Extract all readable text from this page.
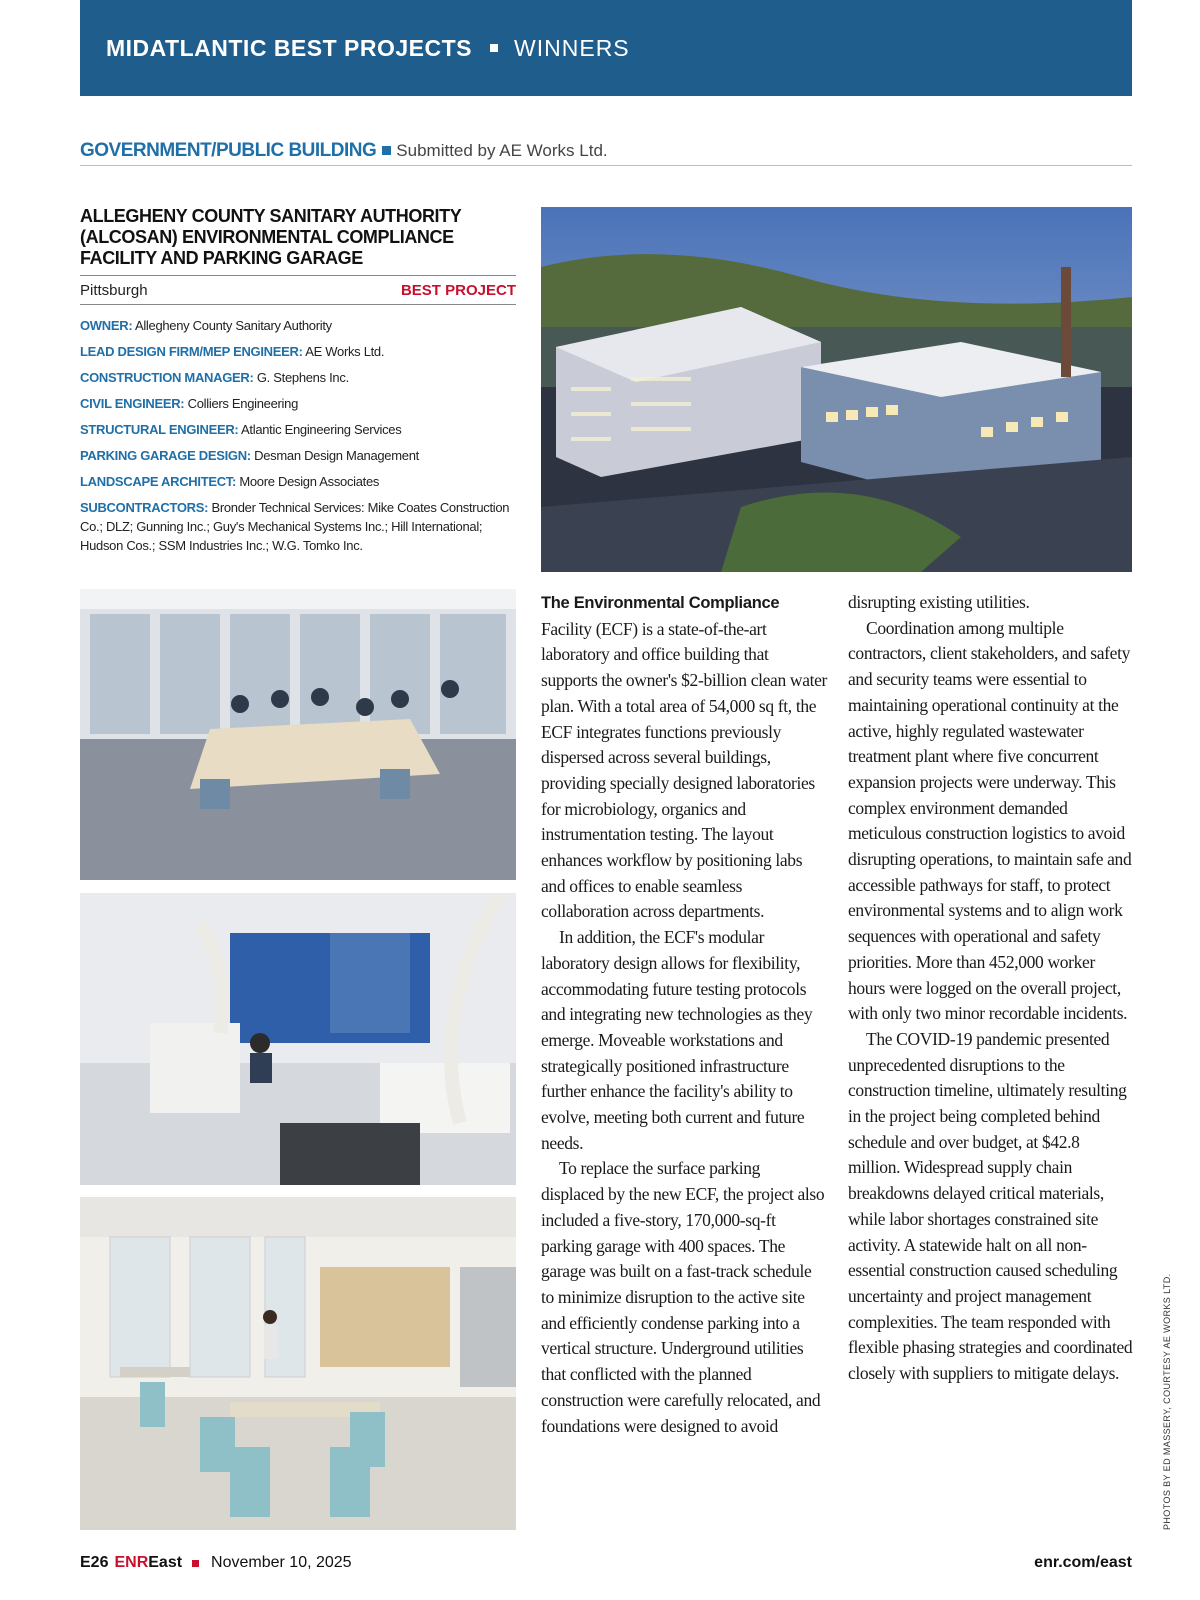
MIDATLANTIC BEST PROJECTS WINNERS
GOVERNMENT/PUBLIC BUILDING Submitted by AE Works Ltd.
ALLEGHENY COUNTY SANITARY AUTHORITY (ALCOSAN) ENVIRONMENTAL COMPLIANCE FACILITY AND PARKING GARAGE
Pittsburgh	BEST PROJECT
OWNER: Allegheny County Sanitary Authority
LEAD DESIGN FIRM/MEP ENGINEER: AE Works Ltd.
CONSTRUCTION MANAGER: G. Stephens Inc.
CIVIL ENGINEER: Colliers Engineering
STRUCTURAL ENGINEER: Atlantic Engineering Services
PARKING GARAGE DESIGN: Desman Design Management
LANDSCAPE ARCHITECT: Moore Design Associates
SUBCONTRACTORS: Bronder Technical Services: Mike Coates Construction Co.; DLZ; Gunning Inc.; Guy's Mechanical Systems Inc.; Hill International; Hudson Cos.; SSM Industries Inc.; W.G. Tomko Inc.

The Environmental Compliance
Facility (ECF) is a state-of-the-art laboratory and office building that supports the owner's $2-billion clean water plan. With a total area of 54,000 sq ft, the ECF integrates functions previously dispersed across several buildings, providing specially designed laboratories for microbiology, organics and instrumentation testing. The layout enhances workflow by positioning labs and offices to enable seamless collaboration across departments.

In addition, the ECF's modular laboratory design allows for flexibility, accommodating future testing protocols and integrating new technologies as they emerge. Moveable workstations and strategically positioned infrastructure further enhance the facility's ability to evolve, meeting both current and future needs.

To replace the surface parking displaced by the new ECF, the project also included a five-story, 170,000-sq-ft parking garage with 400 spaces. The garage was built on a fast-track schedule to minimize disruption to the active site and efficiently condense parking into a vertical structure. Underground utilities that conflicted with the planned construction were carefully relocated, and foundations were designed to avoid

disrupting existing utilities.

Coordination among multiple contractors, client stakeholders, and safety and security teams were essential to maintaining operational continuity at the active, highly regulated wastewater treatment plant where five concurrent expansion projects were underway. This complex environment demanded meticulous construction logistics to avoid disrupting operations, to maintain safe and accessible pathways for staff, to protect environmental systems and to align work sequences with operational and safety priorities. More than 452,000 worker hours were logged on the overall project, with only two minor recordable incidents.

The COVID-19 pandemic presented unprecedented disruptions to the construction timeline, ultimately resulting in the project being completed behind schedule and over budget, at $42.8 million. Widespread supply chain breakdowns delayed critical materials, while labor shortages constrained site activity. A statewide halt on all non-essential construction caused scheduling uncertainty and project management complexities. The team responded with flexible phasing strategies and coordinated closely with suppliers to mitigate delays.	PHOTOS BY ED MASSERY, COURTESY AE WORKS LTD.
E26 ENR East November 10, 2025	enr.com/east
